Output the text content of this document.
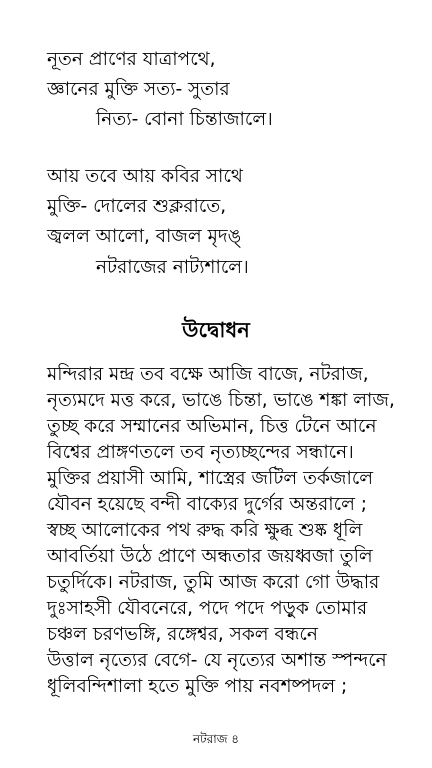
নূতন প্রাণের যাত্রাপথে,
জ্ঞানের মুক্তি সত্য- সুতার
নিত্য- বোনা চিন্তাজালে।
আয় তবে আয় কবির সাথে
মুক্তি- দোলের শুক্লরাতে,
জ্বলল আলো, বাজল মৃদঙ্
নটরাজের নাট্যশালে।
উদ্বোধন
মন্দিরার মন্দ্র তব বক্ষে আজি বাজে, নটরাজ,
নৃত্যমদে মত্ত করে, ভাঙে চিন্তা, ভাঙে শঙ্কা লাজ,
তুচ্ছ করে সম্মানের অভিমান, চিত্ত টেনে আনে
বিশ্বের প্রাঙ্গণতলে তব নৃত্যচ্ছন্দের সন্ধানে।
মুক্তির প্রয়াসী আমি, শাস্ত্রের জটিল তর্কজালে
যৌবন হয়েছে বন্দী বাক্যের দুর্গের অন্তরালে ;
স্বচ্ছ আলোকের পথ রুদ্ধ করি ক্ষুব্ধ শুষ্ক ধূলি
আবর্তিয়া উঠে প্রাণে অন্ধতার জয়ধ্বজা তুলি
চতুর্দিকে। নটরাজ, তুমি আজ করো গো উদ্ধার
দুঃসাহসী যৌবনেরে, পদে পদে পড়ুক তোমার
চঞ্চল চরণভঙ্গি, রঙ্গেশ্বর, সকল বন্ধনে
উত্তাল নৃত্যের বেগে- যে নৃত্যের অশান্ত স্পন্দনে
ধূলিবন্দিশালা হতে মুক্তি পায় নবশষ্পদল ;
নটরাজ ৪
